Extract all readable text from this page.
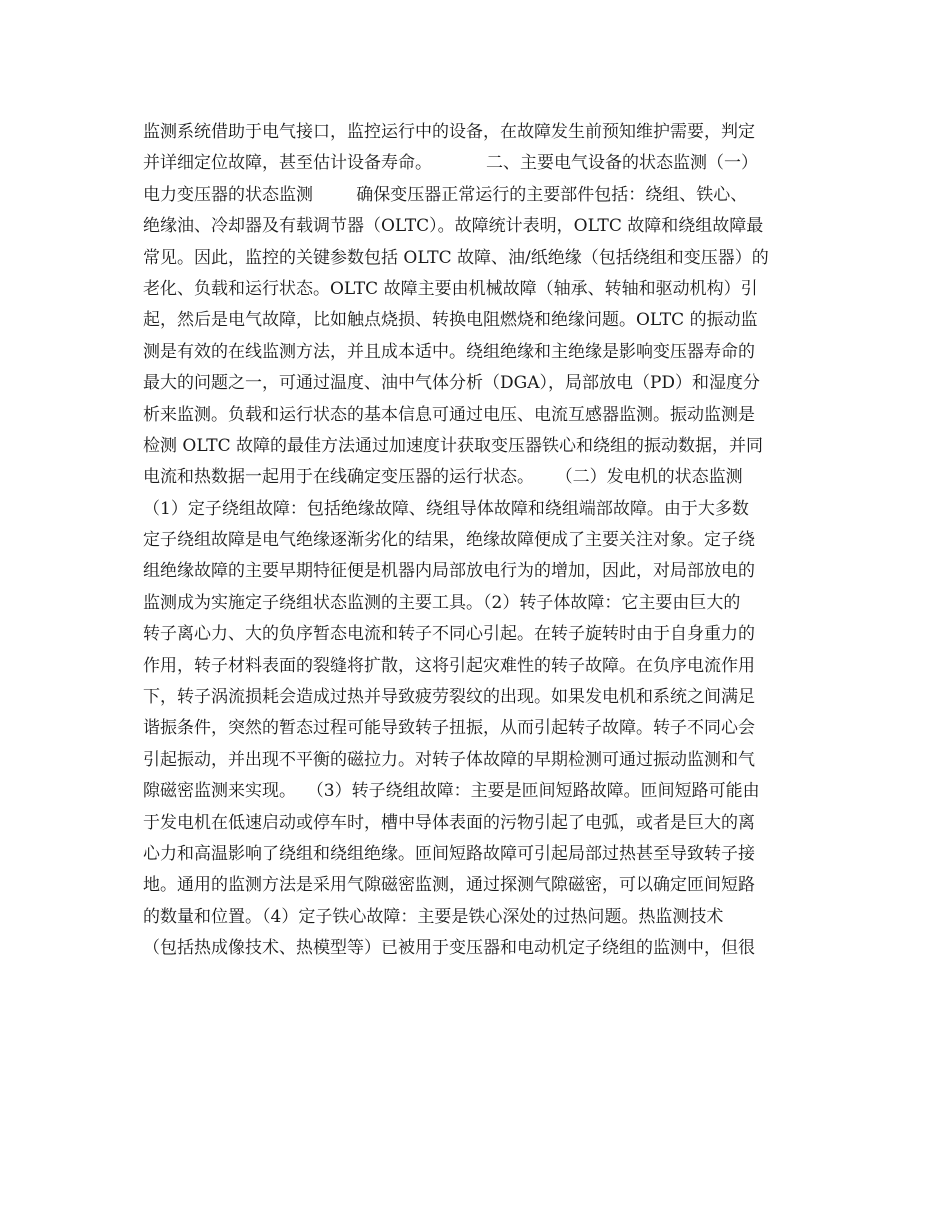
监测系统借助于电气接口，监控运行中的设备，在故障发生前预知维护需要，判定
并详细定位故障，甚至估计设备寿命。          二、主要电气设备的状态监测（一）
电力变压器的状态监测        确保变压器正常运行的主要部件包括：绕组、铁心、
绝缘油、冷却器及有载调节器（OLTC）。故障统计表明，OLTC 故障和绕组故障最
常见。因此，监控的关键参数包括 OLTC 故障、油/纸绝缘（包括绕组和变压器）的
老化、负载和运行状态。OLTC 故障主要由机械故障（轴承、转轴和驱动机构）引
起，然后是电气故障，比如触点烧损、转换电阻燃烧和绝缘问题。OLTC 的振动监
测是有效的在线监测方法，并且成本适中。绕组绝缘和主绝缘是影响变压器寿命的
最大的问题之一，可通过温度、油中气体分析（DGA），局部放电（PD）和湿度分
析来监测。负载和运行状态的基本信息可通过电压、电流互感器监测。振动监测是
检测 OLTC 故障的最佳方法通过加速度计获取变压器铁心和绕组的振动数据，并同
电流和热数据一起用于在线确定变压器的运行状态。    （二）发电机的状态监测
（1）定子绕组故障：包括绝缘故障、绕组导体故障和绕组端部故障。由于大多数
定子绕组故障是电气绝缘逐渐劣化的结果，绝缘故障便成了主要关注对象。定子绕
组绝缘故障的主要早期特征便是机器内局部放电行为的增加，因此，对局部放电的
监测成为实施定子绕组状态监测的主要工具。（2）转子体故障：它主要由巨大的
转子离心力、大的负序暂态电流和转子不同心引起。在转子旋转时由于自身重力的
作用，转子材料表面的裂缝将扩散，这将引起灾难性的转子故障。在负序电流作用
下，转子涡流损耗会造成过热并导致疲劳裂纹的出现。如果发电机和系统之间满足
谐振条件，突然的暂态过程可能导致转子扭振，从而引起转子故障。转子不同心会
引起振动，并出现不平衡的磁拉力。对转子体故障的早期检测可通过振动监测和气
隙磁密监测来实现。  （3）转子绕组故障：主要是匝间短路故障。匝间短路可能由
于发电机在低速启动或停车时，槽中导体表面的污物引起了电弧，或者是巨大的离
心力和高温影响了绕组和绕组绝缘。匝间短路故障可引起局部过热甚至导致转子接
地。通用的监测方法是采用气隙磁密监测，通过探测气隙磁密，可以确定匝间短路
的数量和位置。（4）定子铁心故障：主要是铁心深处的过热问题。热监测技术
（包括热成像技术、热模型等）已被用于变压器和电动机定子绕组的监测中，但很
